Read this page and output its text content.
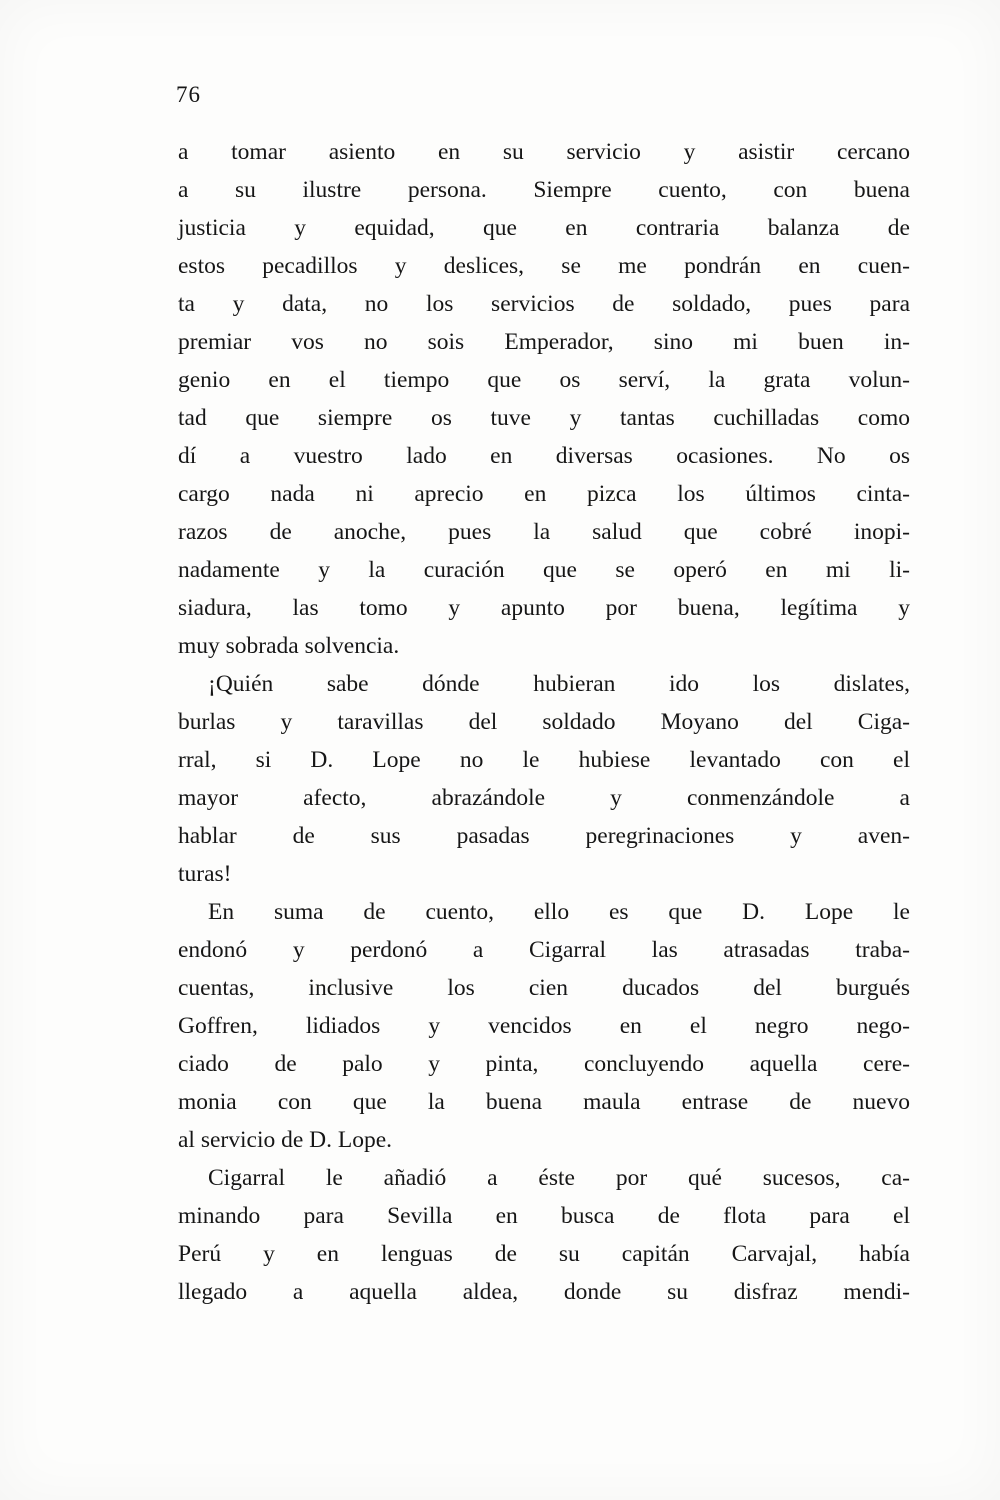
76
a tomar asiento en su servicio y asistir cercano
a su ilustre persona. Siempre cuento, con buena
justicia y equidad, que en contraria balanza de
estos pecadillos y deslices, se me pondrán en cuen-
ta y data, no los servicios de soldado, pues para
premiar vos no sois Emperador, sino mi buen in-
genio en el tiempo que os serví, la grata volun-
tad que siempre os tuve y tantas cuchilladas como
dí a vuestro lado en diversas ocasiones. No os
cargo nada ni aprecio en pizca los últimos cinta-
razos de anoche, pues la salud que cobré inopi-
nadamente y la curación que se operó en mi li-
siadura, las tomo y apunto por buena, legítima y
muy sobrada solvencia.
¡Quién sabe dónde hubieran ido los dislates,
burlas y taravillas del soldado Moyano del Ciga-
rral, si D. Lope no le hubiese levantado con el
mayor afecto, abrazándole y conmenzándole a
hablar de sus pasadas peregrinaciones y aven-
turas!
En suma de cuento, ello es que D. Lope le
endonó y perdonó a Cigarral las atrasadas traba-
cuentas, inclusive los cien ducados del burgués
Goffren, lidiados y vencidos en el negro nego-
ciado de palo y pinta, concluyendo aquella cere-
monia con que la buena maula entrase de nuevo
al servicio de D. Lope.
Cigarral le añadió a éste por qué sucesos, ca-
minando para Sevilla en busca de flota para el
Perú y en lenguas de su capitán Carvajal, había
llegado a aquella aldea, donde su disfraz mendi-
